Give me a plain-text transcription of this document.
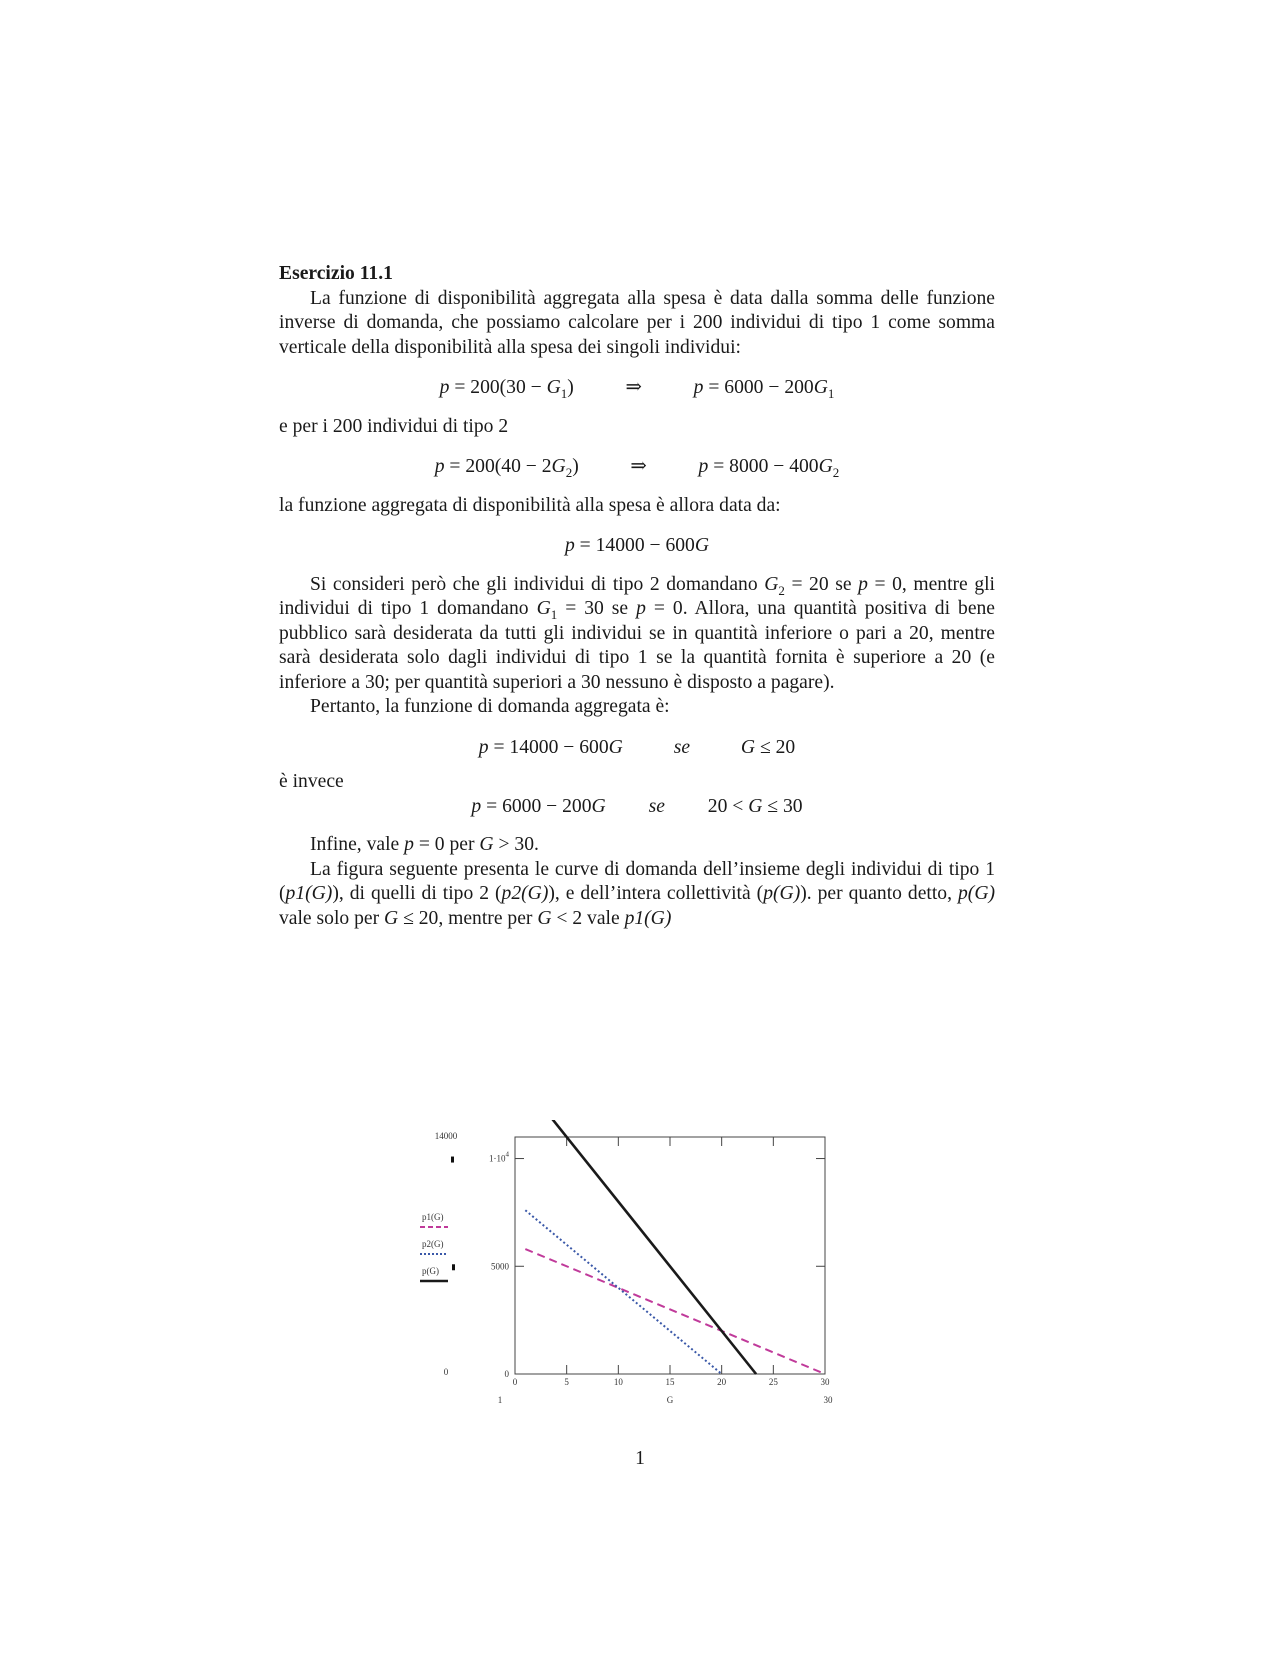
Esercizio 11.1

La funzione di disponibilità aggregata alla spesa è data dalla somma delle funzione inverse di domanda, che possiamo calcolare per i 200 individui di tipo 1 come somma verticale della disponibilità alla spesa dei singoli individui:

$p = 200(30 - G_1)$	⇒	$p = 6000 - 200G_1$

e per i 200 individui di tipo 2

$p = 200(40 - 2G_2)$	⇒	$p = 8000 - 400G_2$

la funzione aggregata di disponibilità alla spesa è allora data da:

p = 14000 − 600G

Si consideri però che gli individui di tipo 2 domandano $G_2 = 20$ se p = 0, mentre gli individui di tipo 1 domandano $G_1 = 30$ se p = 0. Allora, una quantità positiva di bene pubblico sarà desiderata da tutti gli individui se in quantità inferiore o pari a 20, mentre sarà desiderata solo dagli individui di tipo 1 se la quantità fornita è superiore a 20 (e inferiore a 30; per quantità superiori a 30 nessuno è disposto a pagare).

Pertanto, la funzione di domanda aggregata è:

p = 14000 − 600G	se	G ≤ 20

è invece

p = 6000 − 200G se 20 < G ≤ 30

Infine, vale p = 0 per G > 30.

La figura seguente presenta le curve di domanda dell’insieme degli individui di tipo 1 (p1(G)), di quelli di tipo 2 (p2(G)), e dell’intera collettività (p(G)). per quanto detto, p(G) vale solo per G ≤ 20, mentre per G < 2 vale p1(G)

0	5	10	15	20	25	30
0
5000
$1\cdot 10^4$
14000
0
1	30
G
p1(G)
p2(G)
p(G)
1
